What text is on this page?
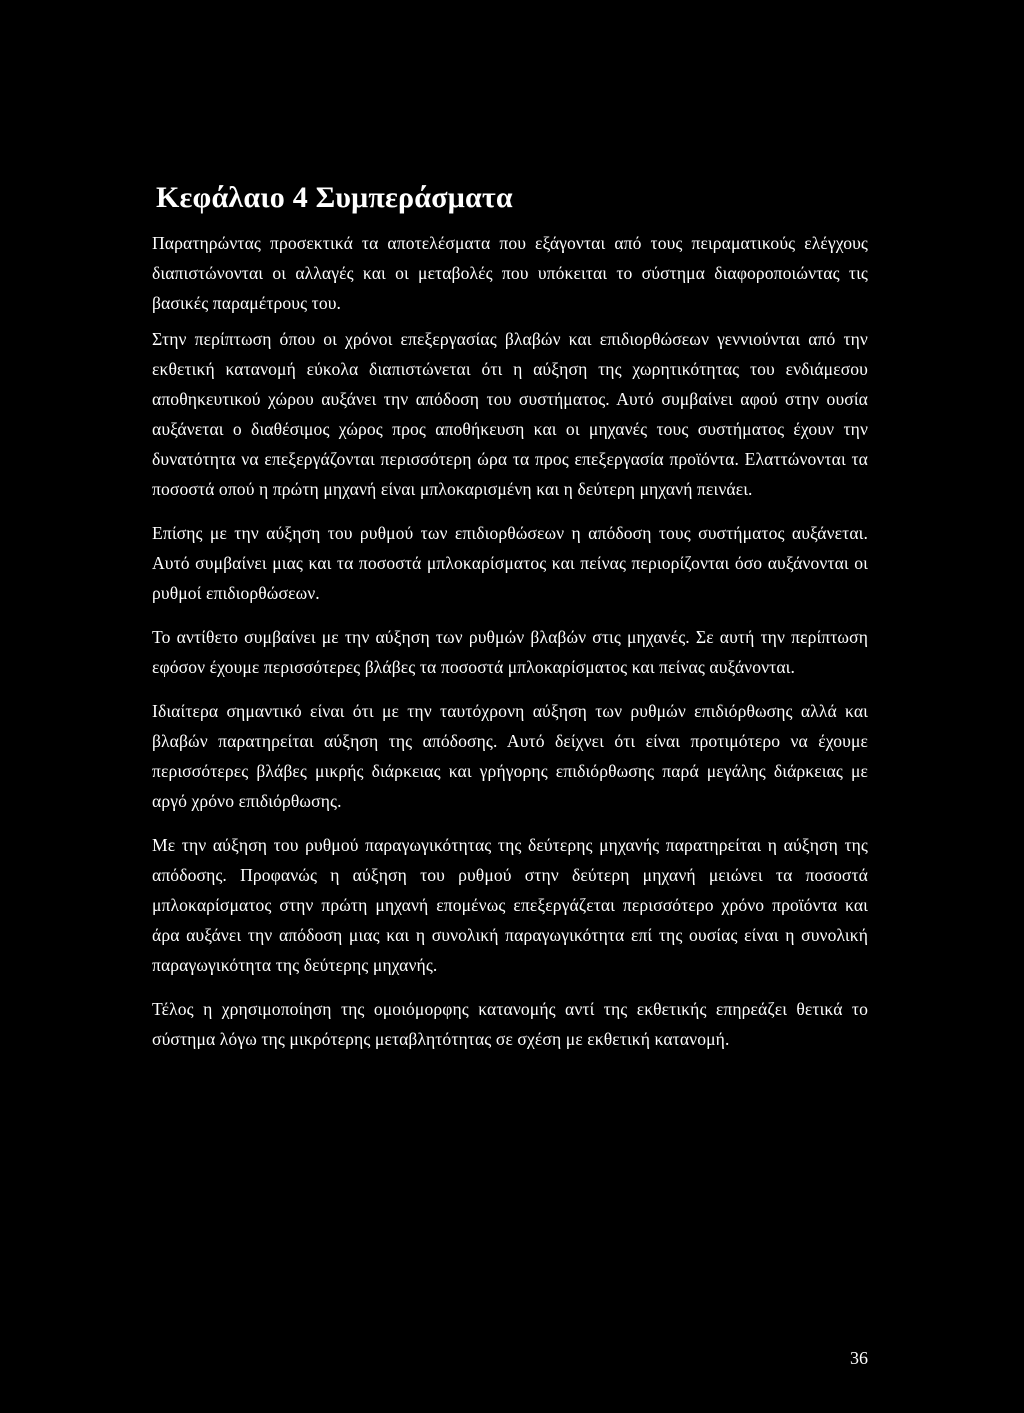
Κεφάλαιο 4 Συμπεράσματα

Παρατηρώντας προσεκτικά τα αποτελέσματα που εξάγονται από τους πειραματικούς ελέγχους διαπιστώνονται οι αλλαγές και οι μεταβολές που υπόκειται το σύστημα διαφοροποιώντας τις βασικές παραμέτρους του.

Στην περίπτωση όπου οι χρόνοι επεξεργασίας βλαβών και επιδιορθώσεων γεννιούνται από την εκθετική κατανομή εύκολα διαπιστώνεται ότι η αύξηση της χωρητικότητας του ενδιάμεσου αποθηκευτικού χώρου αυξάνει την απόδοση του συστήματος. Αυτό συμβαίνει αφού στην ουσία αυξάνεται ο διαθέσιμος χώρος προς αποθήκευση και οι μηχανές τους συστήματος έχουν την δυνατότητα να επεξεργάζονται περισσότερη ώρα τα προς επεξεργασία προϊόντα. Ελαττώνονται τα ποσοστά οπού η πρώτη μηχανή είναι μπλοκαρισμένη και η δεύτερη μηχανή πεινάει.

Επίσης με την αύξηση του ρυθμού των επιδιορθώσεων η απόδοση τους συστήματος αυξάνεται. Αυτό συμβαίνει μιας και τα ποσοστά μπλοκαρίσματος και πείνας περιορίζονται όσο αυξάνονται οι ρυθμοί επιδιορθώσεων.

Το αντίθετο συμβαίνει με την αύξηση των ρυθμών βλαβών στις μηχανές. Σε αυτή την περίπτωση εφόσον έχουμε περισσότερες βλάβες τα ποσοστά μπλοκαρίσματος και πείνας αυξάνονται.

Ιδιαίτερα σημαντικό είναι ότι με την ταυτόχρονη αύξηση των ρυθμών επιδιόρθωσης αλλά και βλαβών παρατηρείται αύξηση της απόδοσης. Αυτό δείχνει ότι είναι προτιμότερο να έχουμε περισσότερες βλάβες μικρής διάρκειας και γρήγορης επιδιόρθωσης παρά μεγάλης διάρκειας με αργό χρόνο επιδιόρθωσης.

Με την αύξηση του ρυθμού παραγωγικότητας της δεύτερης μηχανής παρατηρείται η αύξηση της απόδοσης. Προφανώς η αύξηση του ρυθμού στην δεύτερη μηχανή μειώνει τα ποσοστά μπλοκαρίσματος στην πρώτη μηχανή επομένως επεξεργάζεται περισσότερο χρόνο προϊόντα και άρα αυξάνει την απόδοση μιας και η συνολική παραγωγικότητα επί της ουσίας είναι η συνολική παραγωγικότητα της δεύτερης μηχανής.

Τέλος η χρησιμοποίηση της ομοιόμορφης κατανομής αντί της εκθετικής επηρεάζει θετικά το σύστημα λόγω της μικρότερης μεταβλητότητας σε σχέση με εκθετική κατανομή.

36
